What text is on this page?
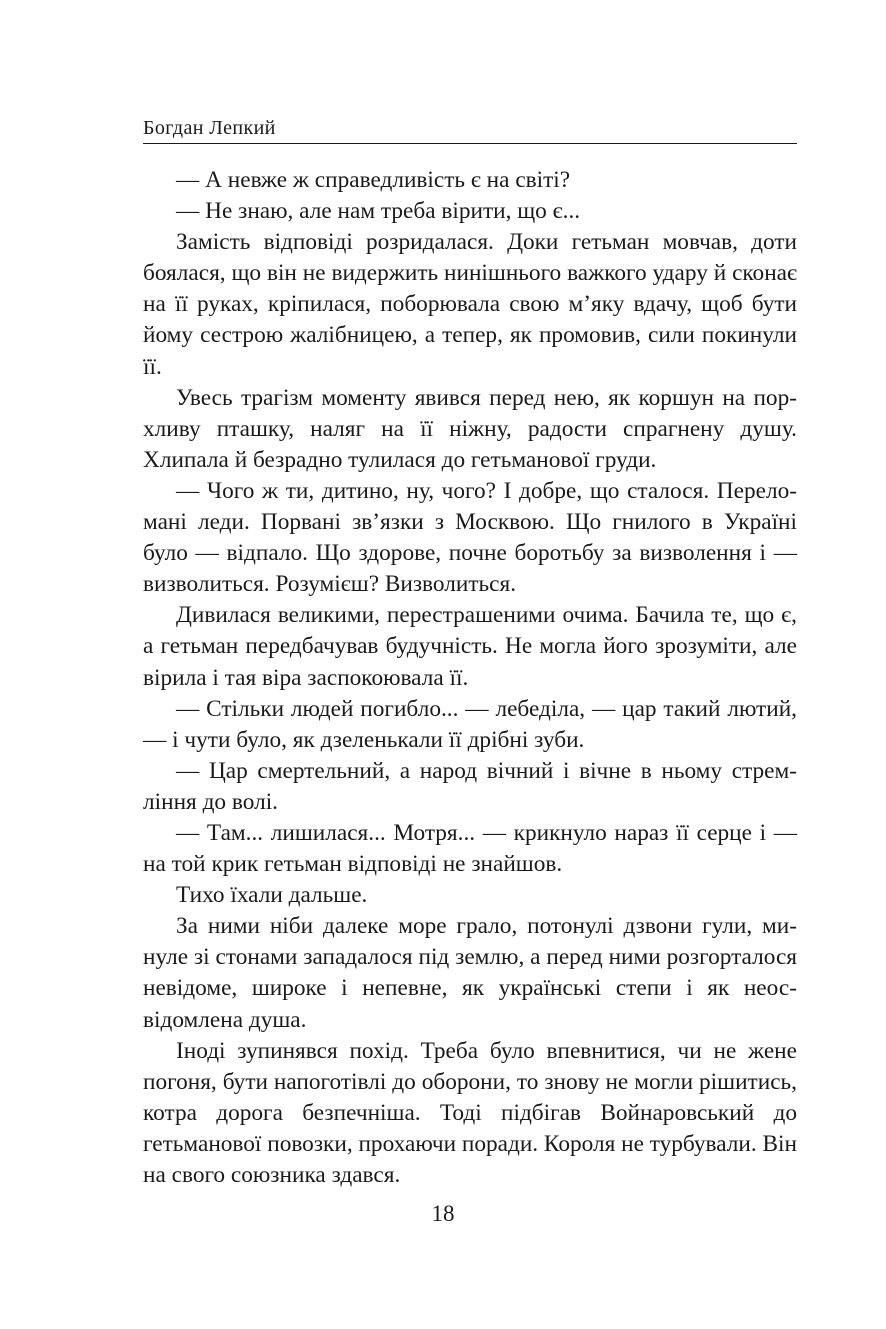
Богдан Лепкий

— А невже ж справедливість є на світі?

— Не знаю, але нам треба вірити, що є...

Замість відповіді розридалася. Доки гетьман мовчав, доти боялася, що він не видержить нинішнього важкого удару й сконає на її руках, кріпилася, поборювала свою м’яку вдачу, щоб бути йому сестрою жалібницею, а тепер, як промовив, сили покинули її.

Увесь трагізм моменту явився перед нею, як коршун на порхливу пташку, наляг на її ніжну, радости спрагнену душу. Хлипала й безрадно тулилася до гетьманової груди.

— Чого ж ти, дитино, ну, чого? І добре, що сталося. Переломані леди. Порвані зв’язки з Москвою. Що гнилого в Україні було — відпало. Що здорове, почне боротьбу за визволення і — визволиться. Розумієш? Визволиться.

Дивилася великими, перестрашеними очима. Бачила те, що є, а гетьман передбачував будучність. Не могла його зрозуміти, але вірила і тая віра заспокоювала її.

— Стільки людей погибло... — лебеділа, — цар такий лютий, — і чути було, як дзеленькали її дрібні зуби.

— Цар смертельний, а народ вічний і вічне в ньому стремління до волі.

— Там... лишилася... Мотря... — крикнуло нараз її серце і — на той крик гетьман відповіді не знайшов.

Тихо їхали дальше.

За ними ніби далеке море грало, потонулі дзвони гули, минуле зі стонами западалося під землю, а перед ними розгорталося невідоме, широке і непевне, як українські степи і як неосвідомлена душа.

Іноді зупинявся похід. Треба було впевнитися, чи не жене погоня, бути напоготівлі до оборони, то знову не могли рішитись, котра дорога безпечніша. Тоді підбігав Войнаровський до гетьманової повозки, прохаючи поради. Короля не турбували. Він на свого союзника здався.

18
